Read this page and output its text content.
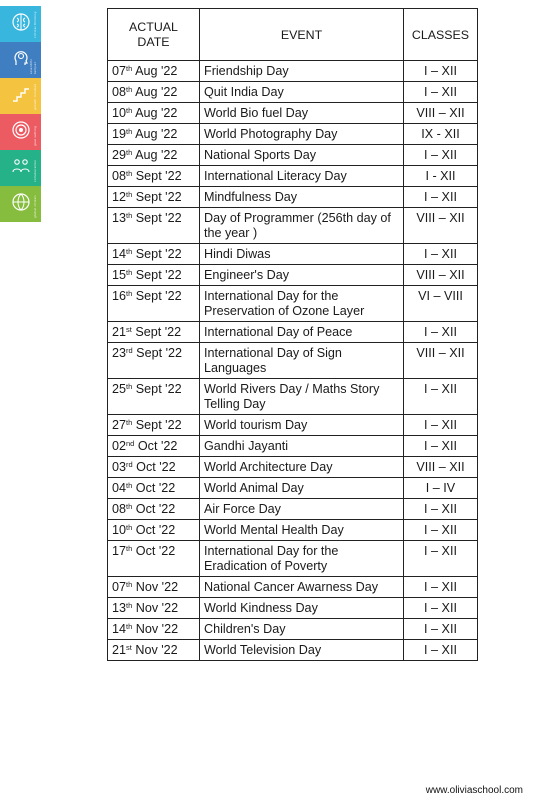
critical thinking
scientific temper
growth mindset
goal setting
collaboration
global citizen
ACTUAL DATE	EVENT	CLASSES
07th Aug '22	Friendship Day	I – XII
08th Aug '22	Quit India Day	I – XII
10th Aug '22	World Bio fuel Day	VIII – XII
19th Aug '22	World Photography Day	IX - XII
29th Aug '22	National Sports Day	I – XII
08th Sept '22	International Literacy Day	I - XII
12th Sept '22	Mindfulness Day	I – XII
13th Sept '22	Day of Programmer (256th day of the year )	VIII – XII
14th Sept '22	Hindi Diwas	I – XII
15th Sept '22	Engineer's Day	VIII – XII
16th Sept '22	International Day for the Preservation of Ozone Layer	VI – VIII
21st Sept '22	International Day of Peace	I – XII
23rd Sept '22	International Day of Sign Languages	VIII – XII
25th Sept '22	World Rivers Day / Maths Story Telling Day	I – XII
27th Sept '22	World tourism Day	I – XII
02nd Oct '22	Gandhi Jayanti	I – XII
03rd Oct '22	World Architecture Day	VIII – XII
04th Oct '22	World Animal Day	I – IV
08th Oct '22	Air Force Day	I – XII
10th Oct '22	World Mental Health Day	I – XII
17th Oct '22	International Day for the Eradication of Poverty	I – XII
07th Nov '22	National Cancer Awarness Day	I – XII
13th Nov '22	World Kindness Day	I – XII
14th Nov '22	Children's Day	I – XII
21st Nov '22	World Television Day	I – XII
www.oliviaschool.com
